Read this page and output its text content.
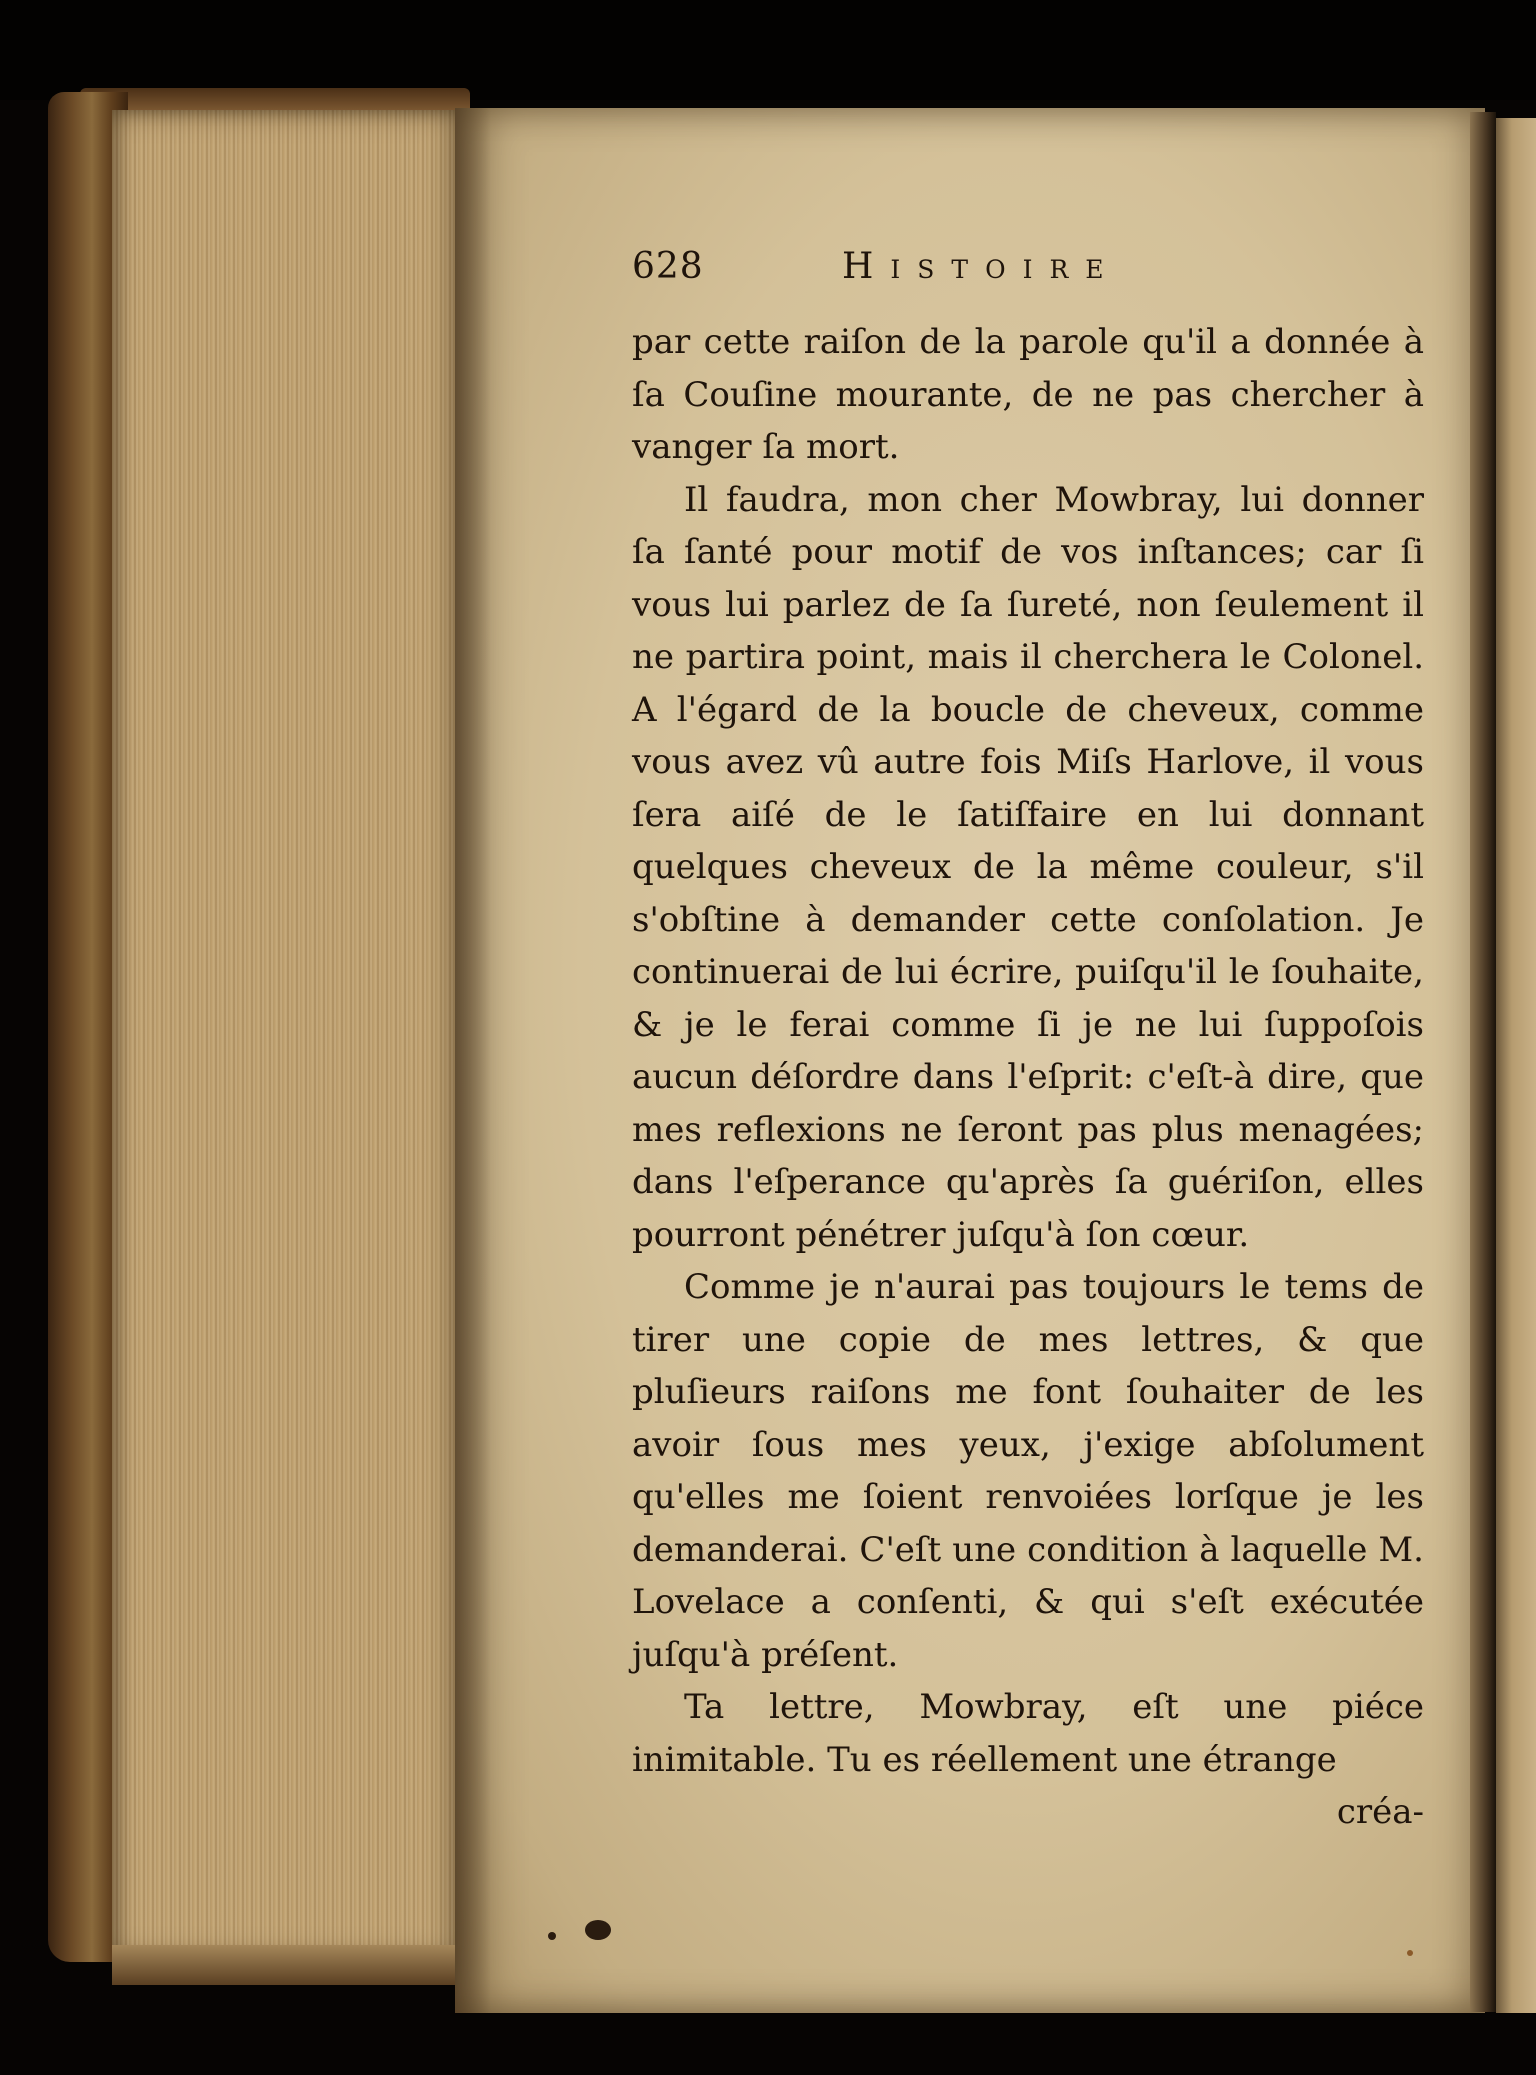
628	Histoire

par cette raiſon de la parole qu'il a donnée à ſa Couſine mourante, de ne pas chercher à vanger ſa mort.

Il faudra, mon cher Mowbray, lui donner ſa ſanté pour motif de vos inſtances; car ſi vous lui parlez de ſa ſureté, non ſeulement il ne partira point, mais il cherchera le Colonel. A l'égard de la boucle de cheveux, comme vous avez vû autre fois Miſs Harlove, il vous ſera aiſé de le ſatiſfaire en lui donnant quelques cheveux de la même couleur, s'il s'obſtine à demander cette conſolation. Je continuerai de lui écrire, puiſqu'il le ſouhaite, & je le ferai comme ſi je ne lui ſuppoſois aucun déſordre dans l'eſprit: c'eſt-à dire, que mes reflexions ne ſeront pas plus menagées; dans l'eſperance qu'après ſa guériſon, elles pourront pénétrer juſqu'à ſon cœur.

Comme je n'aurai pas toujours le tems de tirer une copie de mes lettres, & que pluſieurs raiſons me font ſouhaiter de les avoir ſous mes yeux, j'exige abſolument qu'elles me ſoient renvoiées lorſque je les demanderai. C'eſt une condition à laquelle M. Lovelace a conſenti, & qui s'eſt exécutée juſqu'à préſent.

Ta lettre, Mowbray, eſt une piéce inimitable. Tu es réellement une étrange

créa-
